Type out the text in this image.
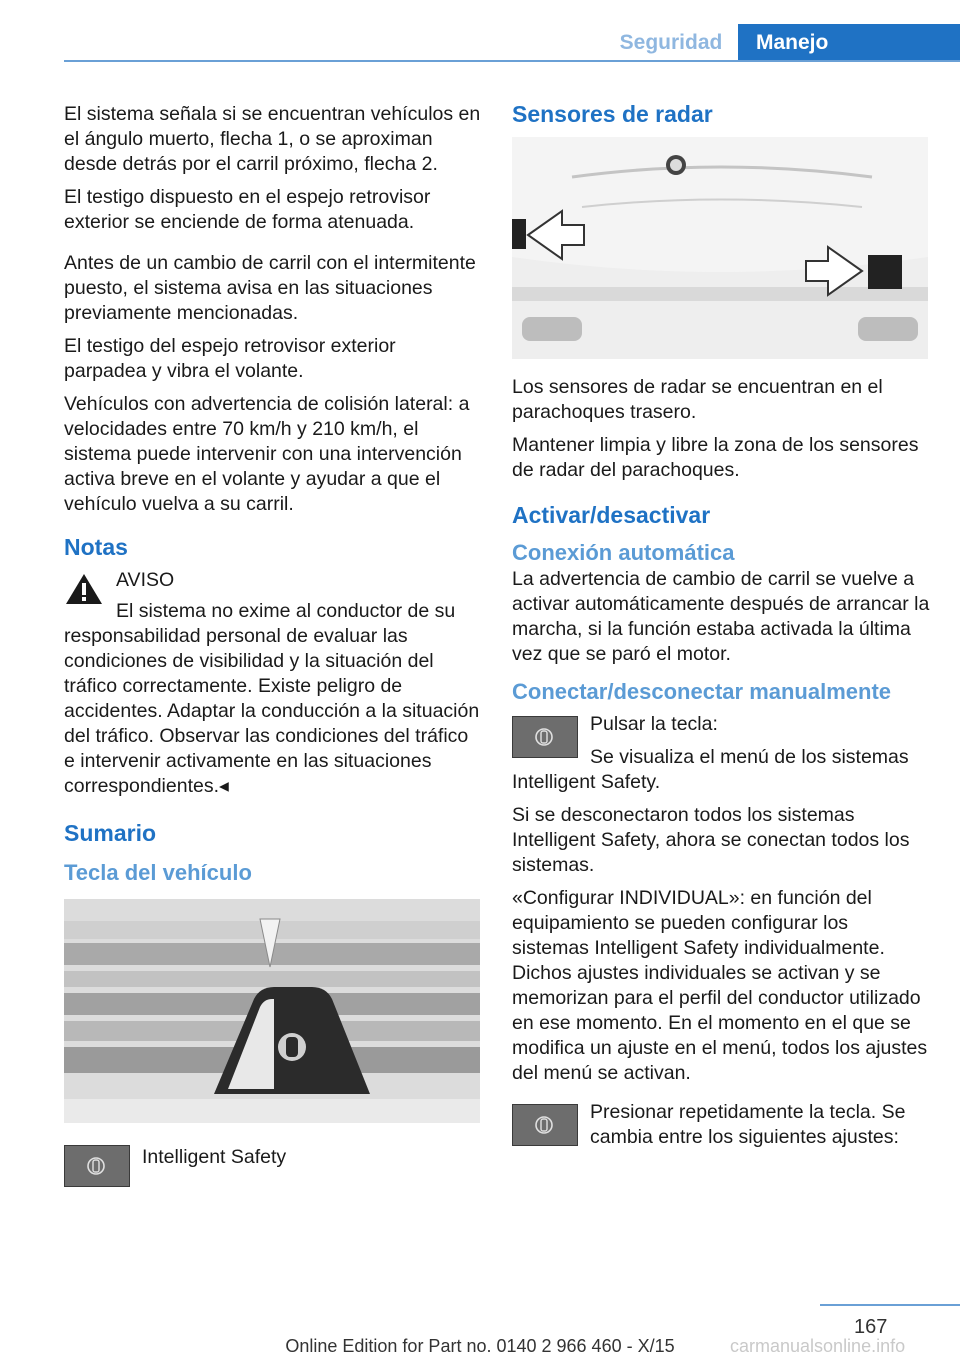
Seguridad	Manejo

El sistema señala si se encuentran vehículos en el ángulo muerto, flecha 1, o se aproximan desde detrás por el carril próximo, flecha 2.

El testigo dispuesto en el espejo retrovisor exterior se enciende de forma atenuada.

Antes de un cambio de carril con el intermitente puesto, el sistema avisa en las situaciones previamente mencionadas.

El testigo del espejo retrovisor exterior parpadea y vibra el volante.

Vehículos con advertencia de colisión lateral: a velocidades entre 70 km/h y 210 km/h, el sistema puede intervenir con una intervención activa breve en el volante y ayudar a que el vehículo vuelva a su carril.

Notas
AVISO

El sistema no exime al conductor de su responsabilidad personal de evaluar las condiciones de visibilidad y la situación del tráfico correctamente. Existe peligro de accidentes. Adaptar la conducción a la situación del tráfico. Observar las condiciones del tráfico e intervenir activamente en las situaciones correspondientes.◂

Sumario
Tecla del vehículo
Intelligent Safety
Sensores de radar

Los sensores de radar se encuentran en el parachoques trasero.

Mantener limpia y libre la zona de los sensores de radar del parachoques.

Activar/desactivar
Conexión automática

La advertencia de cambio de carril se vuelve a activar automáticamente después de arrancar la marcha, si la función estaba activada la última vez que se paró el motor.

Conectar/desconectar manualmente

Pulsar la tecla:

Se visualiza el menú de los sistemas Intelligent Safety.

Si se desconectaron todos los sistemas Intelligent Safety, ahora se conectan todos los sistemas.

«Configurar INDIVIDUAL»: en función del equipamiento se pueden configurar los sistemas Intelligent Safety individualmente. Dichos ajustes individuales se activan y se memorizan para el perfil del conductor utilizado en ese momento. En el momento en el que se modifica un ajuste en el menú, todos los ajustes del menú se activan.

Presionar repetidamente la tecla. Se cambia entre los siguientes ajustes:

167
Online Edition for Part no. 0140 2 966 460 - X/15	carmanualsonline.info
